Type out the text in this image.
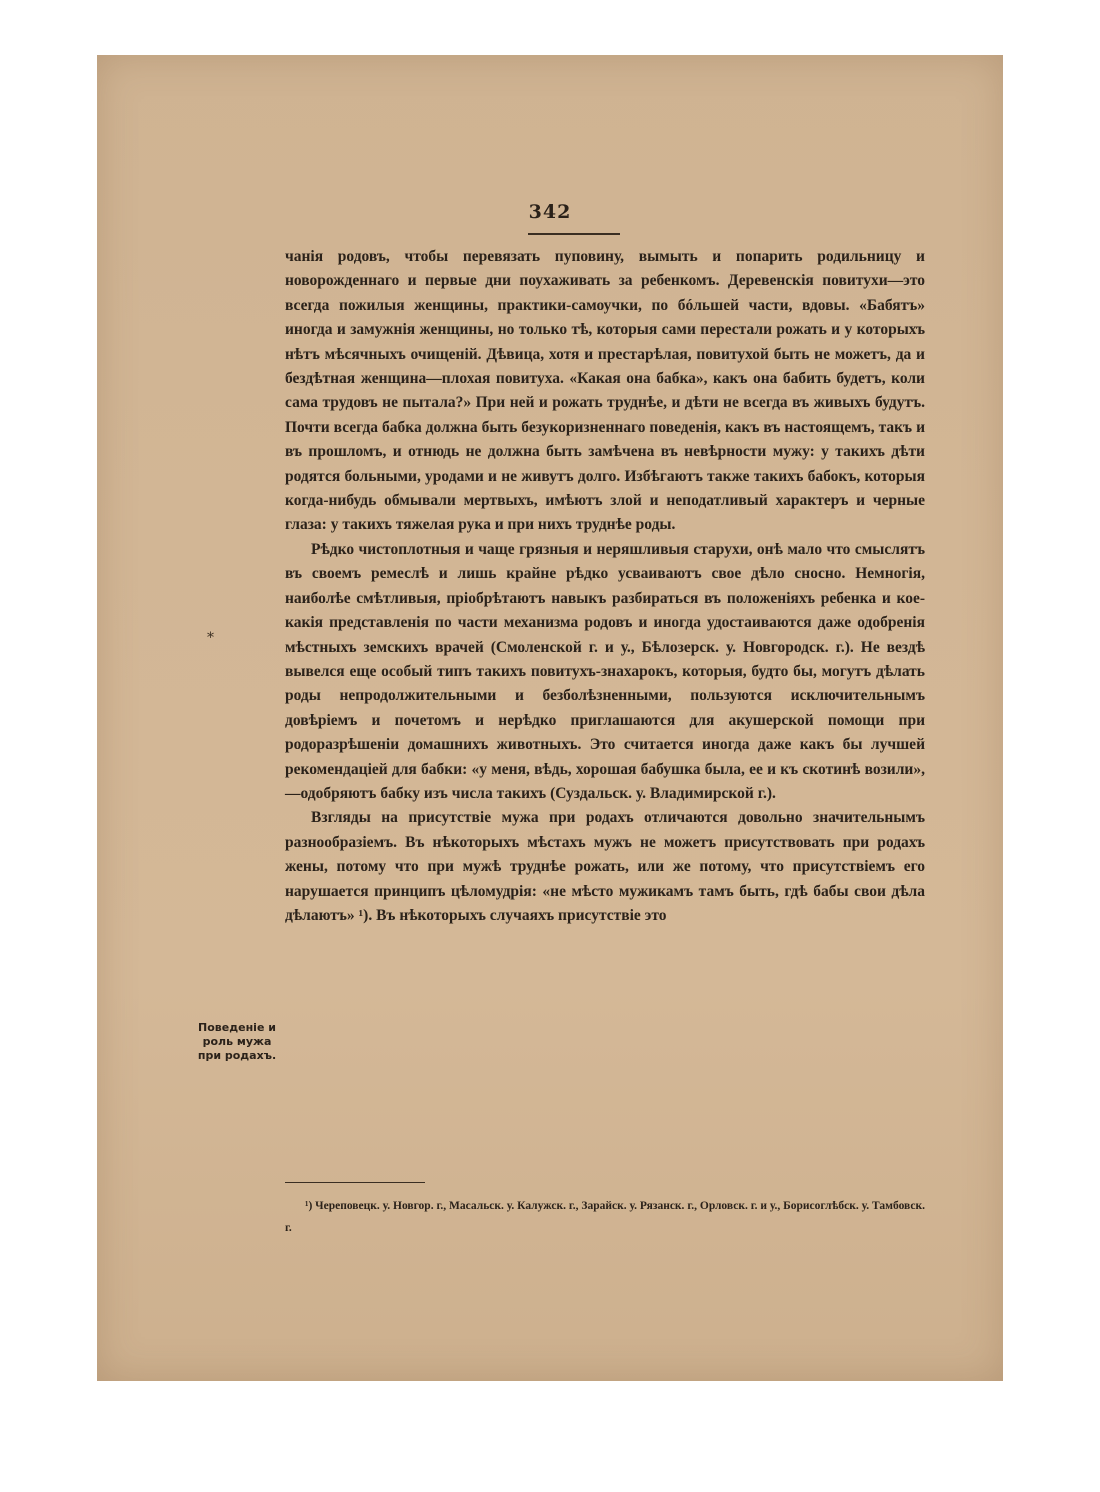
342
*

чанія родовъ, чтобы перевязать пуповину, вымыть и попарить родильницу и новорожденнаго и первые дни поухаживать за ребенкомъ. Деревенскія повитухи—это всегда пожилыя женщины, практики-самоучки, по бóльшей части, вдовы. «Бабятъ» иногда и замужнія женщины, но только тѣ, которыя сами перестали рожать и у которыхъ нѣтъ мѣсячныхъ очищеній. Дѣвица, хотя и престарѣлая, повитухой быть не можетъ, да и бездѣтная женщина—плохая повитуха. «Какая она бабка», какъ она бабить будетъ, коли сама трудовъ не пытала?» При ней и рожать труднѣе, и дѣти не всегда въ живыхъ будутъ. Почти всегда бабка должна быть безукоризненнаго поведенія, какъ въ настоящемъ, такъ и въ прошломъ, и отнюдь не должна быть замѣчена въ невѣрности мужу: у такихъ дѣти родятся больными, уродами и не живутъ долго. Избѣгаютъ также такихъ бабокъ, которыя когда-нибудь обмывали мертвыхъ, имѣютъ злой и неподатливый характеръ и черные глаза: у такихъ тяжелая рука и при нихъ труднѣе роды.

Рѣдко чистоплотныя и чаще грязныя и неряшливыя старухи, онѣ мало что смыслятъ въ своемъ ремеслѣ и лишь крайне рѣдко усваиваютъ свое дѣло сносно. Немногія, наиболѣе смѣтливыя, пріобрѣтаютъ навыкъ разбираться въ положеніяхъ ребенка и кое-какія представленія по части механизма родовъ и иногда удостаиваются даже одобренія мѣстныхъ земскихъ врачей (Смоленской г. и у., Бѣлозерск. у. Новгородск. г.). Не вездѣ вывелся еще особый типъ такихъ повитухъ-знахарокъ, которыя, будто бы, могутъ дѣлать роды непродолжительными и безболѣзненными, пользуются исключительнымъ довѣріемъ и почетомъ и нерѣдко приглашаются для акушерской помощи при родоразрѣшеніи домашнихъ животныхъ. Это считается иногда даже какъ бы лучшей рекомендаціей для бабки: «у меня, вѣдь, хорошая бабушка была, ее и къ скотинѣ возили»,—одобряютъ бабку изъ числа такихъ (Суздальск. у. Владимирской г.).

Взгляды на присутствіе мужа при родахъ отличаются довольно значительнымъ разнообразіемъ. Въ нѣкоторыхъ мѣстахъ мужъ не можетъ присутствовать при родахъ жены, потому что при мужѣ труднѣе рожать, или же потому, что присутствіемъ его нарушается принципъ цѣломудрія: «не мѣсто мужикамъ тамъ быть, гдѣ бабы свои дѣла дѣлаютъ» ¹). Въ нѣкоторыхъ случаяхъ присутствіе это

Поведеніе и роль мужа при родахъ.

¹) Череповецк. у. Новгор. г., Масальск. у. Калужск. г., Зарайск. у. Рязанск. г., Орловск. г. и у., Борисоглѣбск. у. Тамбовск. г.
